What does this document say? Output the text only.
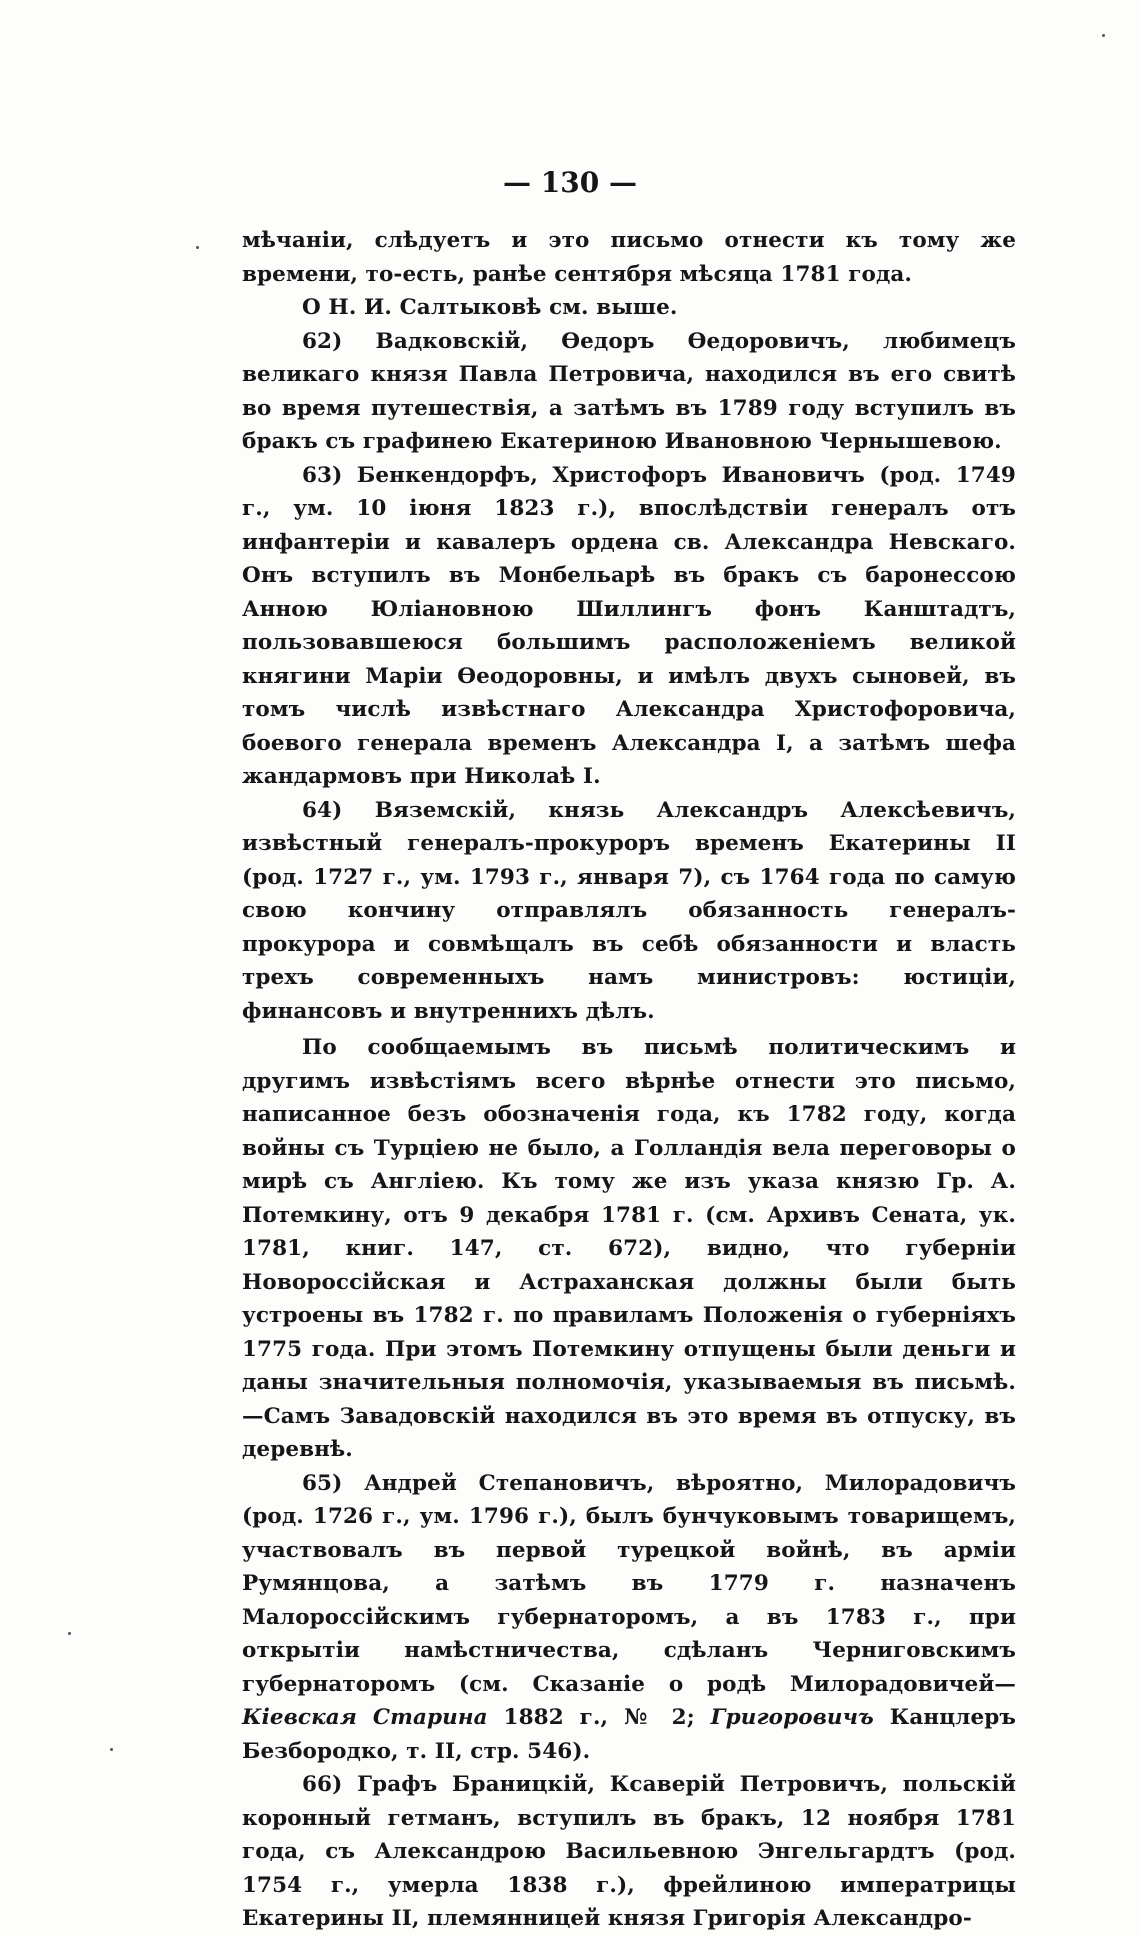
— 130 —

мѣчанiи, слѣдуетъ и это письмо отнести къ тому же времени, то-есть, ранѣе сентября мѣсяца 1781 года.

О Н. И. Салтыковѣ см. выше.

62) Вадковскій, Ѳедоръ Ѳедоровичъ, любимецъ великаго князя Павла Петровича, находился въ его свитѣ во время путешествія, а затѣмъ въ 1789 году вступилъ въ бракъ съ графинею Екатериною Ивановною Чернышевою.

63) Бенкендорфъ, Христофоръ Ивановичъ (род. 1749 г., ум. 10 iюня 1823 г.), впослѣдствiи генералъ отъ инфантерiи и кавалеръ ордена св. Александра Невскаго. Онъ вступилъ въ Монбельарѣ въ бракъ съ баронессою Анною Юлiановною Шиллингъ фонъ Канштадтъ, пользовавшеюся большимъ расположенiемъ великой княгини Марiи Ѳеодоровны, и имѣлъ двухъ сыновей, въ томъ числѣ извѣстнаго Александра Христофоровича, боевого генерала временъ Александра I, а затѣмъ шефа жандармовъ при Николаѣ I.

64) Вяземскій, князь Александръ Алексѣевичъ, извѣстный генералъ-прокуроръ временъ Екатерины II (род. 1727 г., ум. 1793 г., января 7), съ 1764 года по самую свою кончину отправлялъ обязанность генералъ-прокурора и совмѣщалъ въ себѣ обязанности и власть трехъ современныхъ намъ министровъ: юстицiи, финансовъ и внутреннихъ дѣлъ.

По сообщаемымъ въ письмѣ политическимъ и другимъ извѣстiямъ всего вѣрнѣе отнести это письмо, написанное безъ обозначенiя года, къ 1782 году, когда войны съ Турцiею не было, а Голландiя вела переговоры о мирѣ съ Англiею. Къ тому же изъ указа князю Гр. А. Потемкину, отъ 9 декабря 1781 г. (см. Архивъ Сената, ук. 1781, книг. 147, ст. 672), видно, что губернiи Новороссiйская и Астраханская должны были быть устроены въ 1782 г. по правиламъ Положенiя о губернiяхъ 1775 года. При этомъ Потемкину отпущены были деньги и даны значительныя полномочiя, указываемыя въ письмѣ.—Самъ Завадовскій находился въ это время въ отпуску, въ деревнѣ.

65) Андрей Степановичъ, вѣроятно, Милорадовичъ (род. 1726 г., ум. 1796 г.), былъ бунчуковымъ товарищемъ, участвовалъ въ первой турецкой войнѣ, въ армiи Румянцова, а затѣмъ въ 1779 г. назначенъ Малороссiйскимъ губернаторомъ, а въ 1783 г., при открытiи намѣстничества, сдѣланъ Черниговскимъ губернаторомъ (см. Сказанiе о родѣ Милорадовичей—Кiевская Старина 1882 г., № 2; Григоровичъ Канцлеръ Безбородко, т. II, стр. 546).

66) Графъ Браницкiй, Ксаверiй Петровичъ, польскiй коронный гетманъ, вступилъ въ бракъ, 12 ноября 1781 года, съ Александрою Васильевною Энгельгардтъ (род. 1754 г., умерла 1838 г.), фрейлиною императрицы Екатерины II, племянницей князя Григорiя Александро-
